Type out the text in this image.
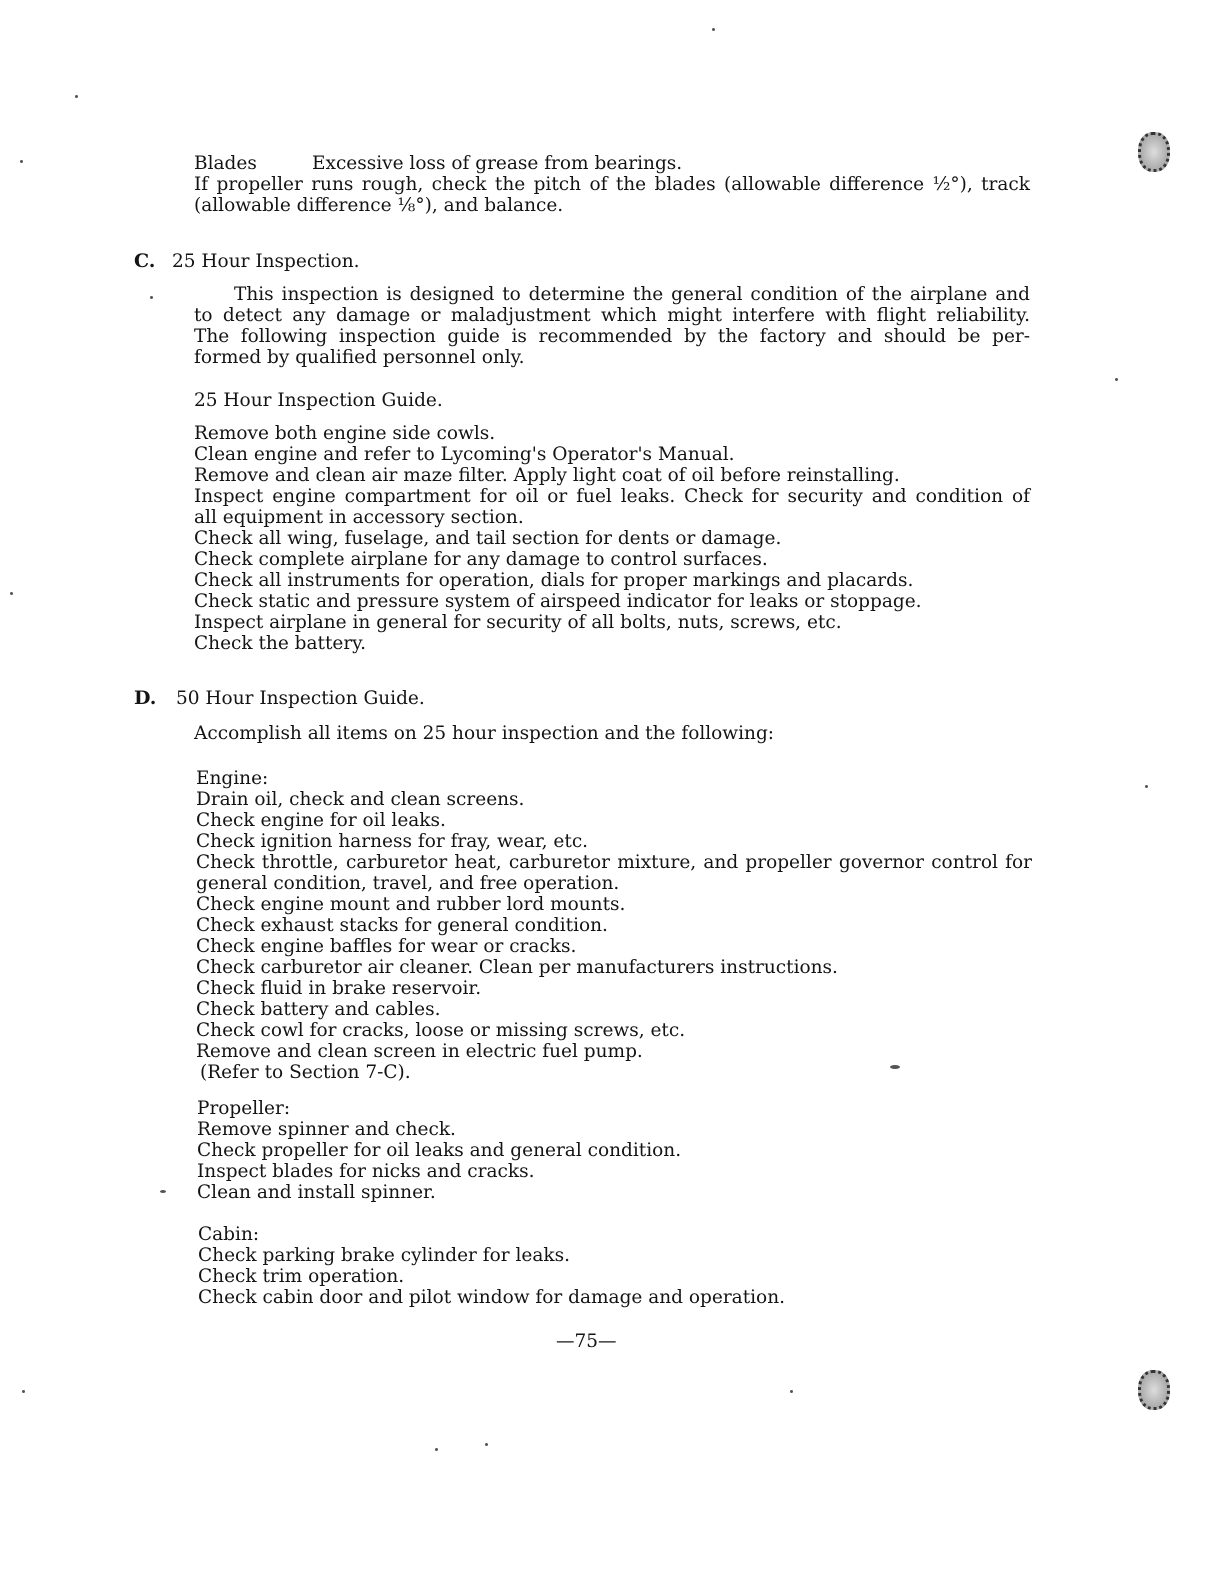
Blades	Excessive loss of grease from bearings.
If propeller runs rough, check the pitch of the blades (allowable difference ½°), track
(allowable difference ⅛°), and balance.
C. 25 Hour Inspection.
This inspection is designed to determine the general condition of the airplane and
to detect any damage or maladjustment which might interfere with flight reliability.
The following inspection guide is recommended by the factory and should be per-
formed by qualified personnel only.
25 Hour Inspection Guide.
Remove both engine side cowls.
Clean engine and refer to Lycoming's Operator's Manual.
Remove and clean air maze filter. Apply light coat of oil before reinstalling.
Inspect engine compartment for oil or fuel leaks. Check for security and condition of
all equipment in accessory section.
Check all wing, fuselage, and tail section for dents or damage.
Check complete airplane for any damage to control surfaces.
Check all instruments for operation, dials for proper markings and placards.
Check static and pressure system of airspeed indicator for leaks or stoppage.
Inspect airplane in general for security of all bolts, nuts, screws, etc.
Check the battery.
D. 50 Hour Inspection Guide.
Accomplish all items on 25 hour inspection and the following:
Engine:
Drain oil, check and clean screens.
Check engine for oil leaks.
Check ignition harness for fray, wear, etc.
Check throttle, carburetor heat, carburetor mixture, and propeller governor control for
general condition, travel, and free operation.
Check engine mount and rubber lord mounts.
Check exhaust stacks for general condition.
Check engine baffles for wear or cracks.
Check carburetor air cleaner. Clean per manufacturers instructions.
Check fluid in brake reservoir.
Check battery and cables.
Check cowl for cracks, loose or missing screws, etc.
Remove and clean screen in electric fuel pump.
(Refer to Section 7-C).
Propeller:
Remove spinner and check.
Check propeller for oil leaks and general condition.
Inspect blades for nicks and cracks.
Clean and install spinner.
Cabin:
Check parking brake cylinder for leaks.
Check trim operation.
Check cabin door and pilot window for damage and operation.
—75—
